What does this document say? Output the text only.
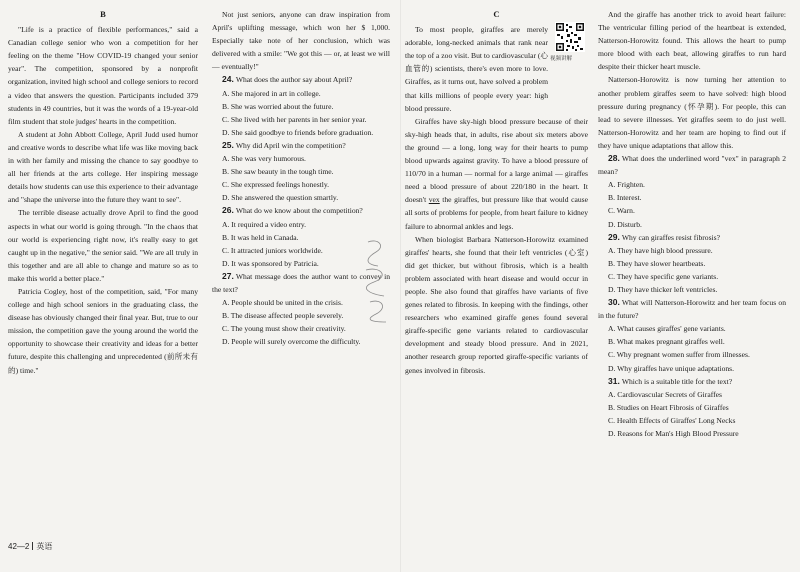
B

"Life is a practice of flexible performances," said a Canadian college senior who won a competition for her feeling on the theme "How COVID-19 changed your senior year". The competition, sponsored by a nonprofit organization, invited high school and college seniors to record a video that answers the question. Participants included 379 students in 49 countries, but it was the words of a 19-year-old film student that stole judges' hearts in the competition.

A student at John Abbott College, April Judd used humor and creative words to describe what life was like moving back in with her family and missing the chance to say goodbye to all her friends at the arts college. Her inspiring message details how students can use this experience to their advantage and "shape the universe into the future they want to see".

The terrible disease actually drove April to find the good aspects in what our world is going through. "In the chaos that our world is experiencing right now, it's really easy to get caught up in the negative," the senior said. "We are all truly in this together and are all able to change and mature so as to make this world a better place."

Patricia Cogley, host of the competition, said, "For many college and high school seniors in the graduating class, the disease has obviously changed their final year. But, true to our mission, the competition gave the young around the world the opportunity to showcase their creativity and ideas for a better future, despite this challenging and unprecedented (前所未有的) time."

Not just seniors, anyone can draw inspiration from April's uplifting message, which won her $ 1,000. Especially take note of her conclusion, which was delivered with a smile: "We got this — or, at least we will — eventually!"

24. What does the author say about April?

A. She majored in art in college.

B. She was worried about the future.

C. She lived with her parents in her senior year.

D. She said goodbye to friends before graduation.

25. Why did April win the competition?

A. She was very humorous.

B. She saw beauty in the tough time.

C. She expressed feelings honestly.

D. She answered the question smartly.

26. What do we know about the competition?

A. It required a video entry.

B. It was held in Canada.

C. It attracted juniors worldwide.

D. It was sponsored by Patricia.

27. What message does the author want to convey in the text?

A. People should be united in the crisis.

B. The disease affected people severely.

C. The young must show their creativity.

D. People will surely overcome the difficulty.

C

To most people, giraffes are merely adorable, long-necked animals that rank near the top of a zoo visit. But to cardiovascular (心血管的) scientists, there's even more to love. Giraffes, as it turns out, have solved a problem that kills millions of people every year: high blood pressure.

Giraffes have sky-high blood pressure because of their sky-high heads that, in adults, rise about six meters above the ground — a long, long way for their hearts to pump blood upwards against gravity. To have a blood pressure of 110/70 in a human — normal for a large animal — giraffes need a blood pressure of about 220/180 in the heart. It doesn't vex the giraffes, but pressure like that would cause all sorts of problems for people, from heart failure to kidney failure to abnormal ankles and legs.

When biologist Barbara Natterson-Horowitz examined giraffes' hearts, she found that their left ventricles (心室) did get thicker, but without fibrosis, which is a health problem associated with heart disease and would occur in people. She also found that giraffes have variants of five genes related to fibrosis. In keeping with the findings, other researchers who examined giraffe genes found several giraffe-specific gene variants related to cardiovascular development and steady blood pressure. And in 2021, another research group reported giraffe-specific variants of genes involved in fibrosis.

视频讲解

And the giraffe has another trick to avoid heart failure: The ventricular filling period of the heartbeat is extended, Natterson-Horowitz found. This allows the heart to pump more blood with each beat, allowing giraffes to run hard despite their thicker heart muscle.

Natterson-Horowitz is now turning her attention to another problem giraffes seem to have solved: high blood pressure during pregnancy (怀孕期). For people, this can lead to severe illnesses. Yet giraffes seem to do just well. Natterson-Horowitz and her team are hoping to find out if they have unique adaptations that allow this.

28. What does the underlined word "vex" in paragraph 2 mean?

A. Frighten.

B. Interest.

C. Warn.

D. Disturb.

29. Why can giraffes resist fibrosis?

A. They have high blood pressure.

B. They have slower heartbeats.

C. They have specific gene variants.

D. They have thicker left ventricles.

30. What will Natterson-Horowitz and her team focus on in the future?

A. What causes giraffes' gene variants.

B. What makes pregnant giraffes well.

C. Why pregnant women suffer from illnesses.

D. Why giraffes have unique adaptations.

31. Which is a suitable title for the text?

A. Cardiovascular Secrets of Giraffes

B. Studies on Heart Fibrosis of Giraffes

C. Health Effects of Giraffes' Long Necks

D. Reasons for Man's High Blood Pressure

42—2 英语
